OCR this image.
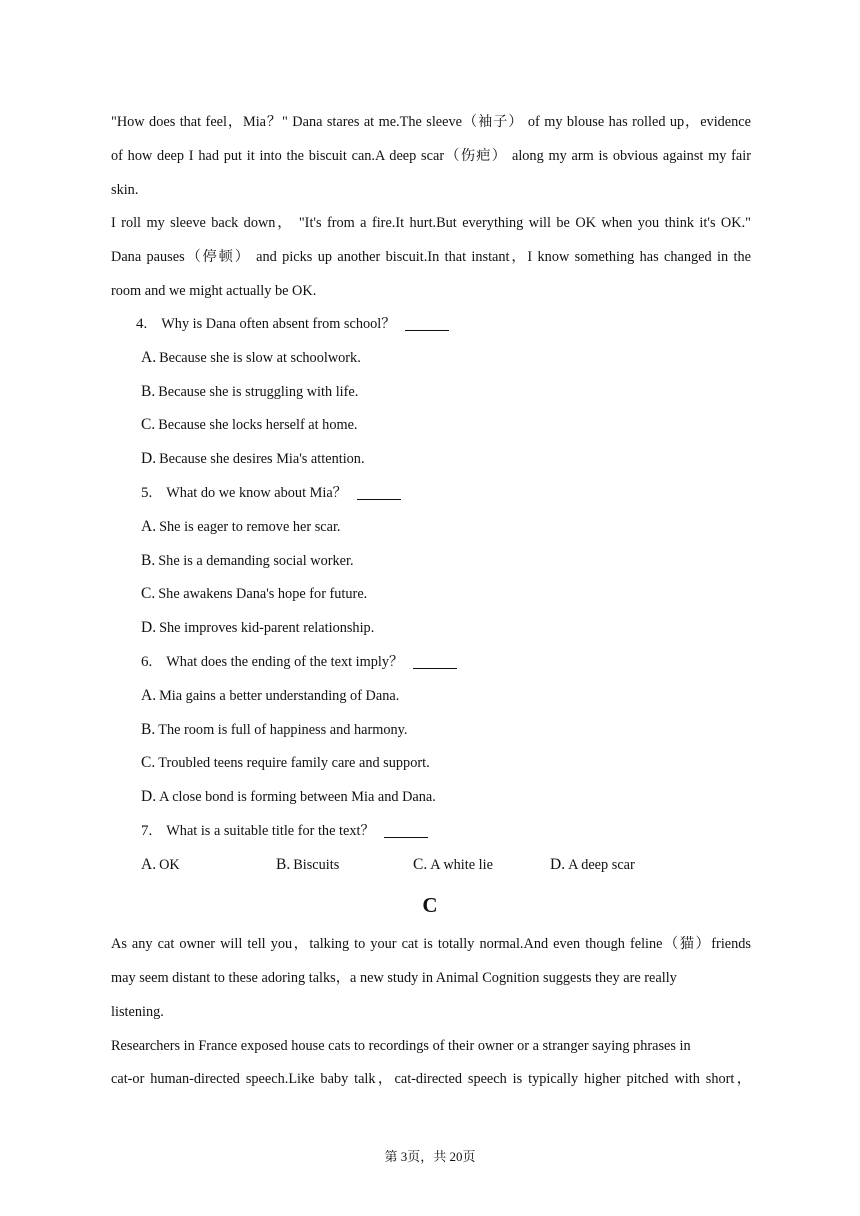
"How does that feel，Mia？" Dana stares at me.The sleeve（袖子） of my blouse has rolled up，evidence
of how deep I had put it into the biscuit can.A deep scar（伤疤） along my arm is obvious against my fair
skin.
I roll my sleeve back down， "It's from a fire.It hurt.But everything will be OK when you think it's OK."
Dana pauses（停顿） and picks up another biscuit.In that instant，I know something has changed in the
room and we might actually be OK.
4. Why is Dana often absent from school？
A. Because she is slow at schoolwork.
B. Because she is struggling with life.
C. Because she locks herself at home.
D. Because she desires Mia's attention.
5. What do we know about Mia？
A. She is eager to remove her scar.
B. She is a demanding social worker.
C. She awakens Dana's hope for future.
D. She improves kid-parent relationship.
6. What does the ending of the text imply？
A. Mia gains a better understanding of Dana.
B. The room is full of happiness and harmony.
C. Troubled teens require family care and support.
D. A close bond is forming between Mia and Dana.
7. What is a suitable title for the text？
A. OK	B. Biscuits	C. A white lie	D. A deep scar
C
As any cat owner will tell you，talking to your cat is totally normal.And even though feline（猫）friends
may seem distant to these adoring talks，a new study in Animal Cognition suggests they are really
listening.
Researchers in France exposed house cats to recordings of their owner or a stranger saying phrases in
cat-or human-directed speech.Like baby talk，cat-directed speech is typically higher pitched with short，
第 3页，共 20页
